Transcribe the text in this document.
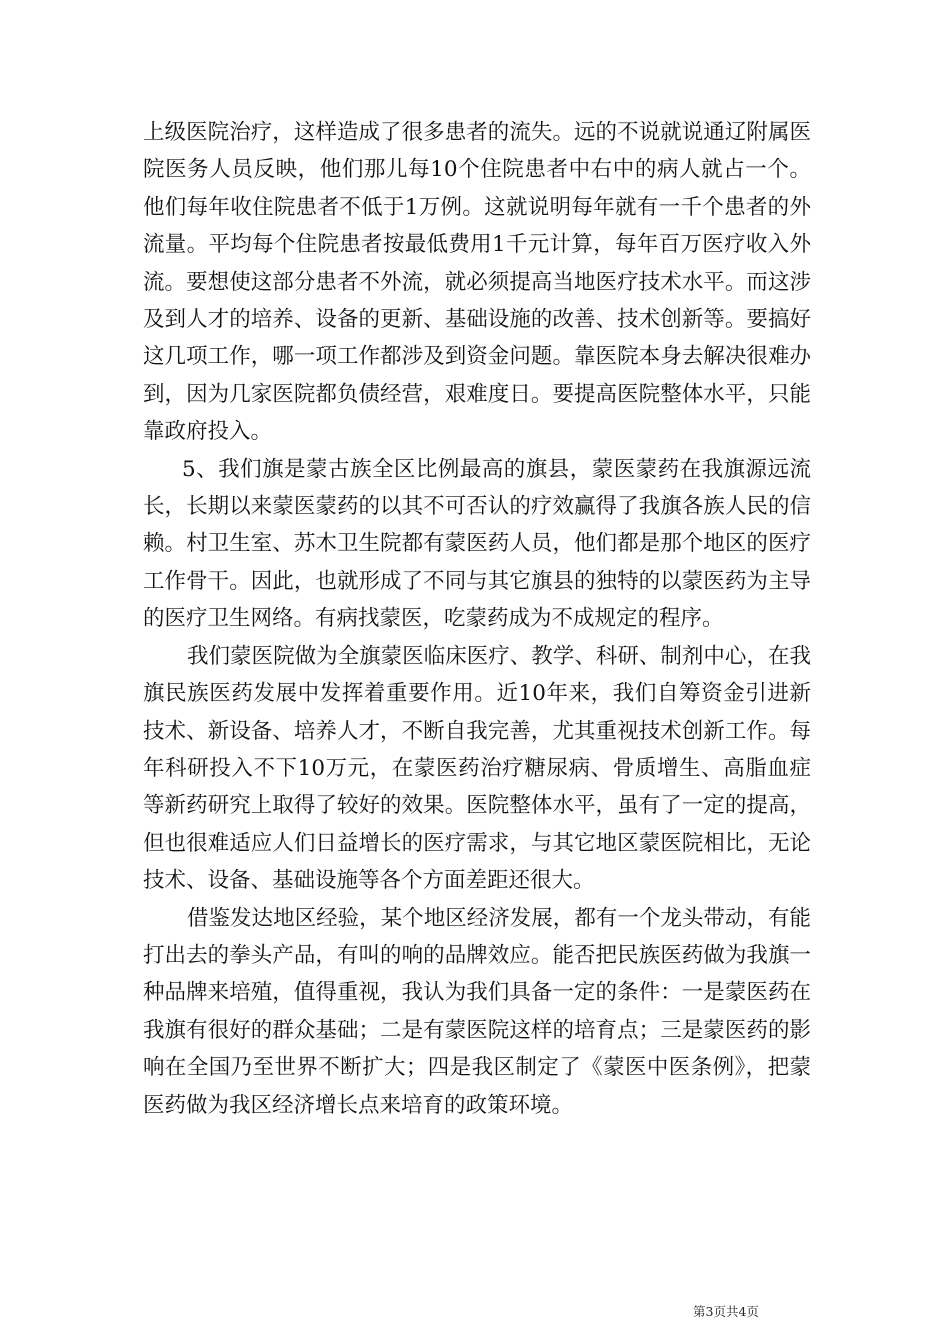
上级医院治疗，这样造成了很多患者的流失。远的不说就说通辽附属医院医务人员反映，他们那儿每10个住院患者中右中的病人就占一个。他们每年收住院患者不低于1万例。这就说明每年就有一千个患者的外流量。平均每个住院患者按最低费用1千元计算，每年百万医疗收入外流。要想使这部分患者不外流，就必须提高当地医疗技术水平。而这涉及到人才的培养、设备的更新、基础设施的改善、技术创新等。要搞好这几项工作，哪一项工作都涉及到资金问题。靠医院本身去解决很难办到，因为几家医院都负债经营，艰难度日。要提高医院整体水平，只能靠政府投入。

5、我们旗是蒙古族全区比例最高的旗县，蒙医蒙药在我旗源远流长，长期以来蒙医蒙药的以其不可否认的疗效赢得了我旗各族人民的信赖。村卫生室、苏木卫生院都有蒙医药人员，他们都是那个地区的医疗工作骨干。因此，也就形成了不同与其它旗县的独特的以蒙医药为主导的医疗卫生网络。有病找蒙医，吃蒙药成为不成规定的程序。

我们蒙医院做为全旗蒙医临床医疗、教学、科研、制剂中心，在我旗民族医药发展中发挥着重要作用。近10年来，我们自筹资金引进新技术、新设备、培养人才，不断自我完善，尤其重视技术创新工作。每年科研投入不下10万元，在蒙医药治疗糖尿病、骨质增生、高脂血症等新药研究上取得了较好的效果。医院整体水平，虽有了一定的提高，但也很难适应人们日益增长的医疗需求，与其它地区蒙医院相比，无论技术、设备、基础设施等各个方面差距还很大。

借鉴发达地区经验，某个地区经济发展，都有一个龙头带动，有能打出去的拳头产品，有叫的响的品牌效应。能否把民族医药做为我旗一种品牌来培殖，值得重视，我认为我们具备一定的条件：一是蒙医药在我旗有很好的群众基础；二是有蒙医院这样的培育点；三是蒙医药的影响在全国乃至世界不断扩大；四是我区制定了《蒙医中医条例》，把蒙医药做为我区经济增长点来培育的政策环境。

第3页共4页
